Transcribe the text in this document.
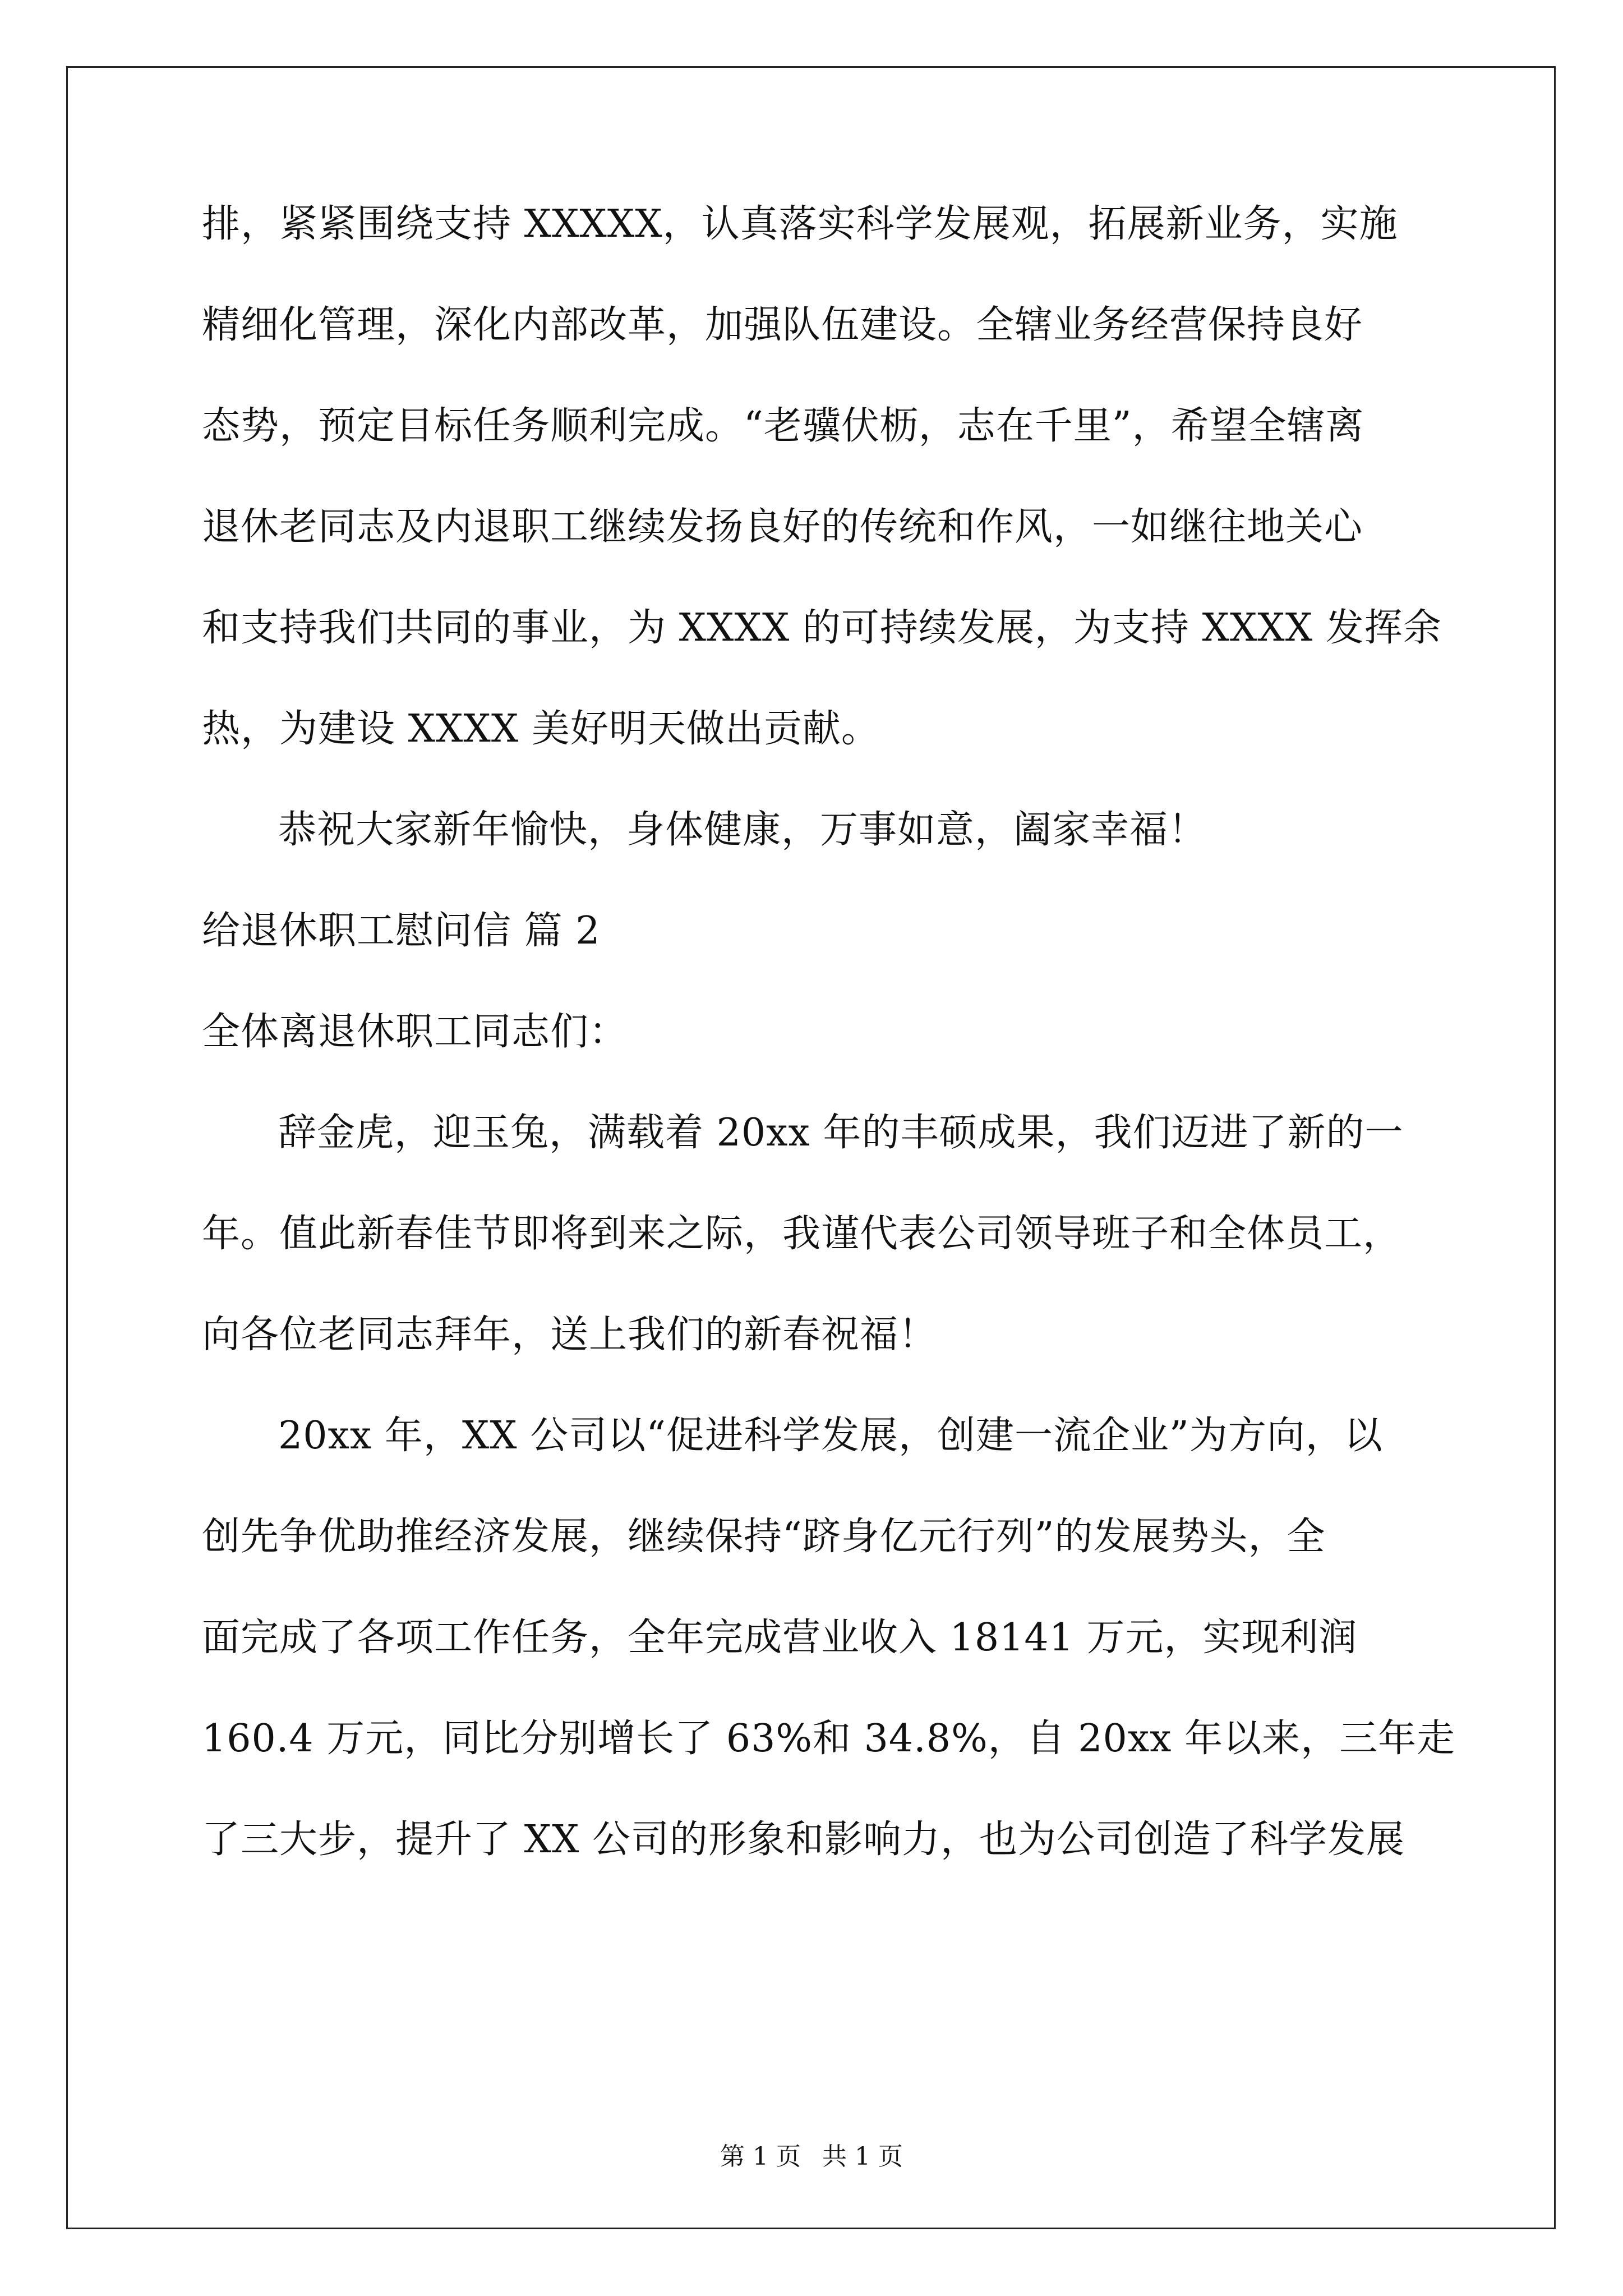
排，紧紧围绕支持 XXXXX，认真落实科学发展观，拓展新业务，实施
精细化管理，深化内部改革，加强队伍建设。全辖业务经营保持良好
态势，预定目标任务顺利完成。“老骥伏枥，志在千里”，希望全辖离
退休老同志及内退职工继续发扬良好的传统和作风，一如继往地关心
和支持我们共同的事业，为 XXXX 的可持续发展，为支持 XXXX 发挥余
热，为建设 XXXX 美好明天做出贡献。
恭祝大家新年愉快，身体健康，万事如意，阖家幸福！
给退休职工慰问信 篇 2
全体离退休职工同志们：
辞金虎，迎玉兔，满载着 20xx 年的丰硕成果，我们迈进了新的一
年。值此新春佳节即将到来之际，我谨代表公司领导班子和全体员工，
向各位老同志拜年，送上我们的新春祝福！
20xx 年，XX 公司以“促进科学发展，创建一流企业”为方向，以
创先争优助推经济发展，继续保持“跻身亿元行列”的发展势头，全
面完成了各项工作任务，全年完成营业收入 18141 万元，实现利润
160.4 万元，同比分别增长了 63%和 34.8%，自 20xx 年以来，三年走
了三大步，提升了 XX 公司的形象和影响力，也为公司创造了科学发展
第 1 页 共 1 页
